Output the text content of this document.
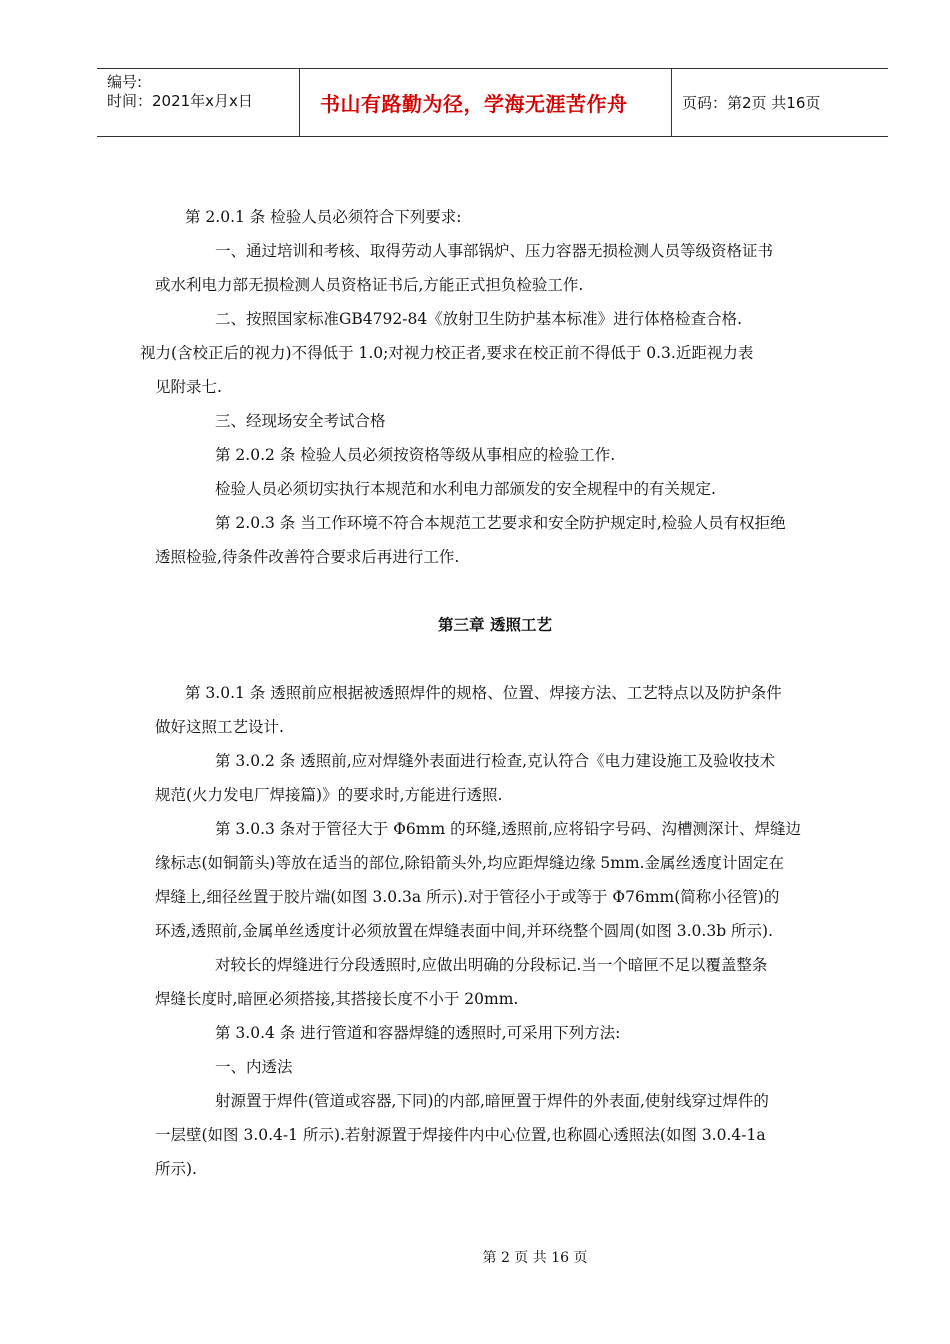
编号:
时间：2021年x月x日	书山有路勤为径，学海无涯苦作舟	页码：第2页 共16页
第 2.0.1 条 检验人员必须符合下列要求:
一、通过培训和考核、取得劳动人事部锅炉、压力容器无损检测人员等级资格证书
或水利电力部无损检测人员资格证书后,方能正式担负检验工作.
二、按照国家标准GB4792-84《放射卫生防护基本标准》进行体格检查合格.
视力(含校正后的视力)不得低于 1.0;对视力校正者,要求在校正前不得低于 0.3.近距视力表
见附录七.
三、经现场安全考试合格
第 2.0.2 条 检验人员必须按资格等级从事相应的检验工作.
检验人员必须切实执行本规范和水利电力部颁发的安全规程中的有关规定.
第 2.0.3 条 当工作环境不符合本规范工艺要求和安全防护规定时,检验人员有权拒绝
透照检验,待条件改善符合要求后再进行工作.
第三章 透照工艺
第 3.0.1 条 透照前应根据被透照焊件的规格、位置、焊接方法、工艺特点以及防护条件
做好这照工艺设计.
第 3.0.2 条 透照前,应对焊缝外表面进行检查,克认符合《电力建设施工及验收技术
规范(火力发电厂焊接篇)》的要求时,方能进行透照.
第 3.0.3 条对于管径大于 Φ6mm 的环缝,透照前,应将铅字号码、沟槽测深计、焊缝边
缘标志(如铜箭头)等放在适当的部位,除铅箭头外,均应距焊缝边缘 5mm.金属丝透度计固定在
焊缝上,细径丝置于胶片端(如图 3.0.3a 所示).对于管径小于或等于 Φ76mm(简称小径管)的
环透,透照前,金属单丝透度计必须放置在焊缝表面中间,并环绕整个圆周(如图 3.0.3b 所示).
对较长的焊缝进行分段透照时,应做出明确的分段标记.当一个暗匣不足以覆盖整条
焊缝长度时,暗匣必须搭接,其搭接长度不小于 20mm.
第 3.0.4 条 进行管道和容器焊缝的透照时,可采用下列方法:
一、内透法
射源置于焊件(管道或容器,下同)的内部,暗匣置于焊件的外表面,使射线穿过焊件的
一层壁(如图 3.0.4-1 所示).若射源置于焊接件内中心位置,也称圆心透照法(如图 3.0.4-1a
所示).
第 2 页 共 16 页
